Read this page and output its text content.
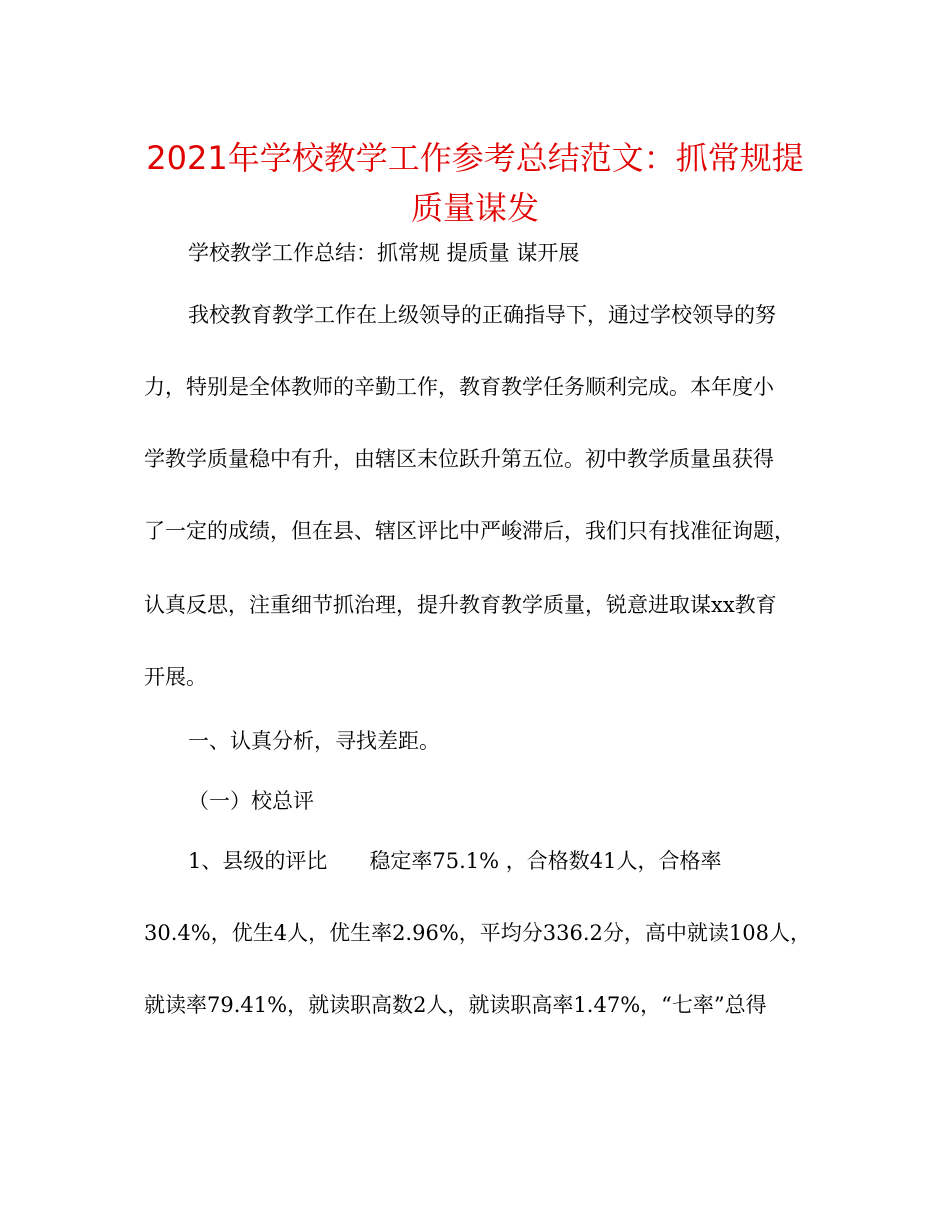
2021年学校教学工作参考总结范文：抓常规提
质量谋发
学校教学工作总结：抓常规 提质量 谋开展
我校教育教学工作在上级领导的正确指导下，通过学校领导的努
力，特别是全体教师的辛勤工作，教育教学任务顺利完成。本年度小
学教学质量稳中有升，由辖区末位跃升第五位。初中教学质量虽获得
了一定的成绩，但在县、辖区评比中严峻滞后，我们只有找准征询题，
认真反思，注重细节抓治理，提升教育教学质量，锐意进取谋xx教育
开展。
一、认真分析，寻找差距。
（一）校总评
1、县级的评比　　稳定率75.1% ，合格数41人，合格率
30.4%，优生4人，优生率2.96%，平均分336.2分，高中就读108人，
就读率79.41%，就读职高数2人，就读职高率1.47%，“七率”总得
